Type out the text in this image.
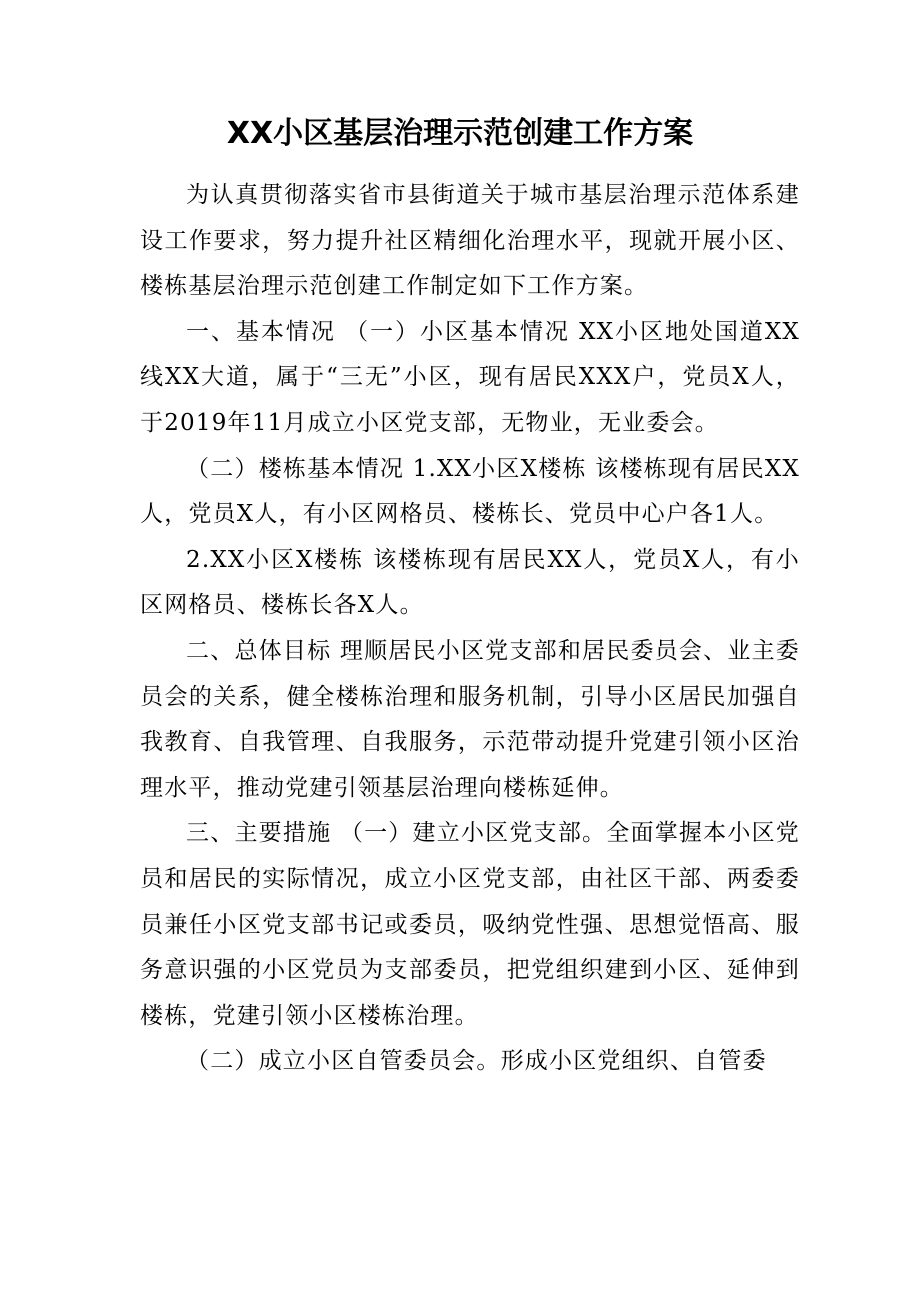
XX小区基层治理示范创建工作方案

为认真贯彻落实省市县街道关于城市基层治理示范体系建设工作要求，努力提升社区精细化治理水平，现就开展小区、楼栋基层治理示范创建工作制定如下工作方案。

一、基本情况 （一）小区基本情况 XX小区地处国道XX线XX大道，属于“三无”小区，现有居民XXX户，党员X人，于2019年11月成立小区党支部，无物业，无业委会。

（二）楼栋基本情况 1.XX小区X楼栋 该楼栋现有居民XX人，党员X人，有小区网格员、楼栋长、党员中心户各1人。

2.XX小区X楼栋 该楼栋现有居民XX人，党员X人，有小区网格员、楼栋长各X人。

二、总体目标 理顺居民小区党支部和居民委员会、业主委员会的关系，健全楼栋治理和服务机制，引导小区居民加强自我教育、自我管理、自我服务，示范带动提升党建引领小区治理水平，推动党建引领基层治理向楼栋延伸。

三、主要措施 （一）建立小区党支部。全面掌握本小区党员和居民的实际情况，成立小区党支部，由社区干部、两委委员兼任小区党支部书记或委员，吸纳党性强、思想觉悟高、服务意识强的小区党员为支部委员，把党组织建到小区、延伸到楼栋，党建引领小区楼栋治理。

（二）成立小区自管委员会。形成小区党组织、自管委
